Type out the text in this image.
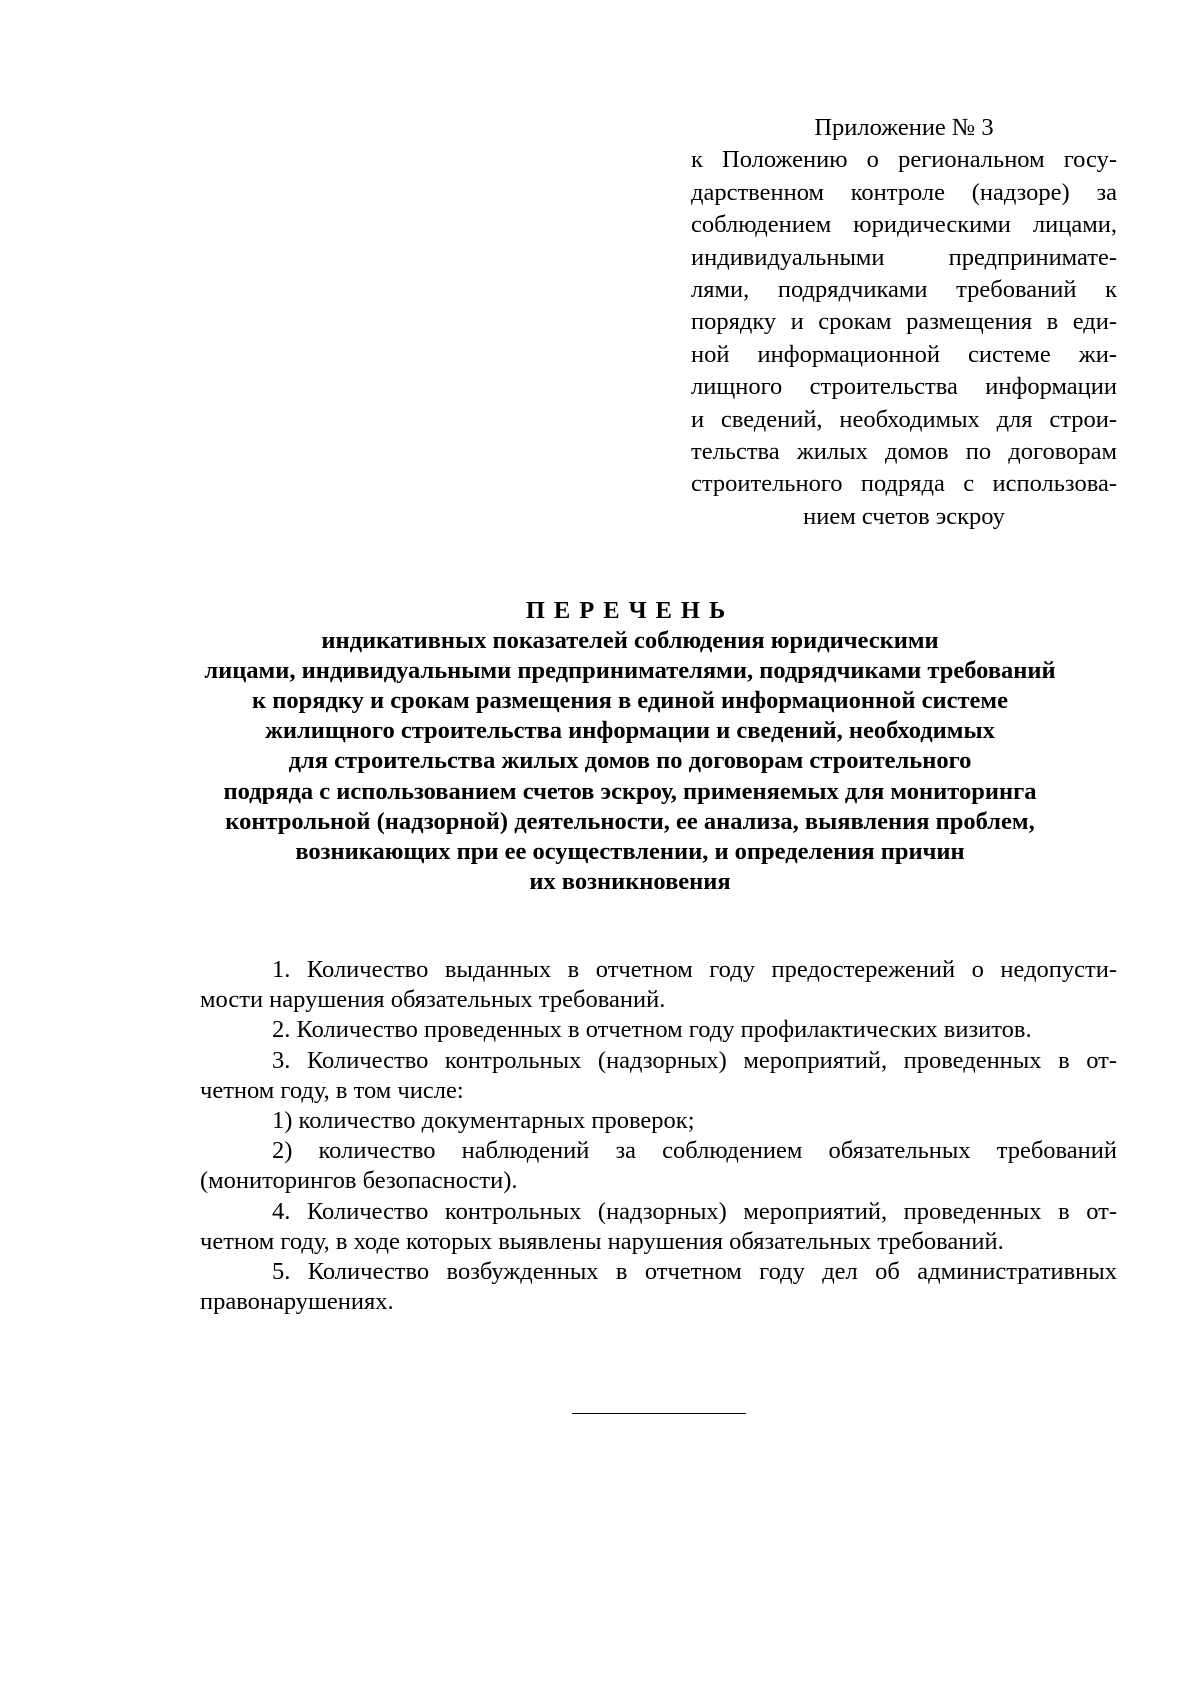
Приложение № 3
к Положению о региональном госу-
дарственном контроле (надзоре) за
соблюдением юридическими лицами,
индивидуальными предпринимате-
лями, подрядчиками требований к
порядку и срокам размещения в еди-
ной информационной системе жи-
лищного строительства информации
и сведений, необходимых для строи-
тельства жилых домов по договорам
строительного подряда с использова-
нием счетов эскроу
ПЕРЕЧЕНЬ
индикативных показателей соблюдения юридическими
лицами, индивидуальными предпринимателями, подрядчиками требований
к порядку и срокам размещения в единой информационной системе
жилищного строительства информации и сведений, необходимых
для строительства жилых домов по договорам строительного
подряда с использованием счетов эскроу, применяемых для мониторинга
контрольной (надзорной) деятельности, ее анализа, выявления проблем,
возникающих при ее осуществлении, и определения причин
их возникновения
1. Количество выданных в отчетном году предостережений о недопусти-
мости нарушения обязательных требований.
2. Количество проведенных в отчетном году профилактических визитов.
3. Количество контрольных (надзорных) мероприятий, проведенных в от-
четном году, в том числе:
1) количество документарных проверок;
2) количество наблюдений за соблюдением обязательных требований
(мониторингов безопасности).
4. Количество контрольных (надзорных) мероприятий, проведенных в от-
четном году, в ходе которых выявлены нарушения обязательных требований.
5. Количество возбужденных в отчетном году дел об административных
правонарушениях.
